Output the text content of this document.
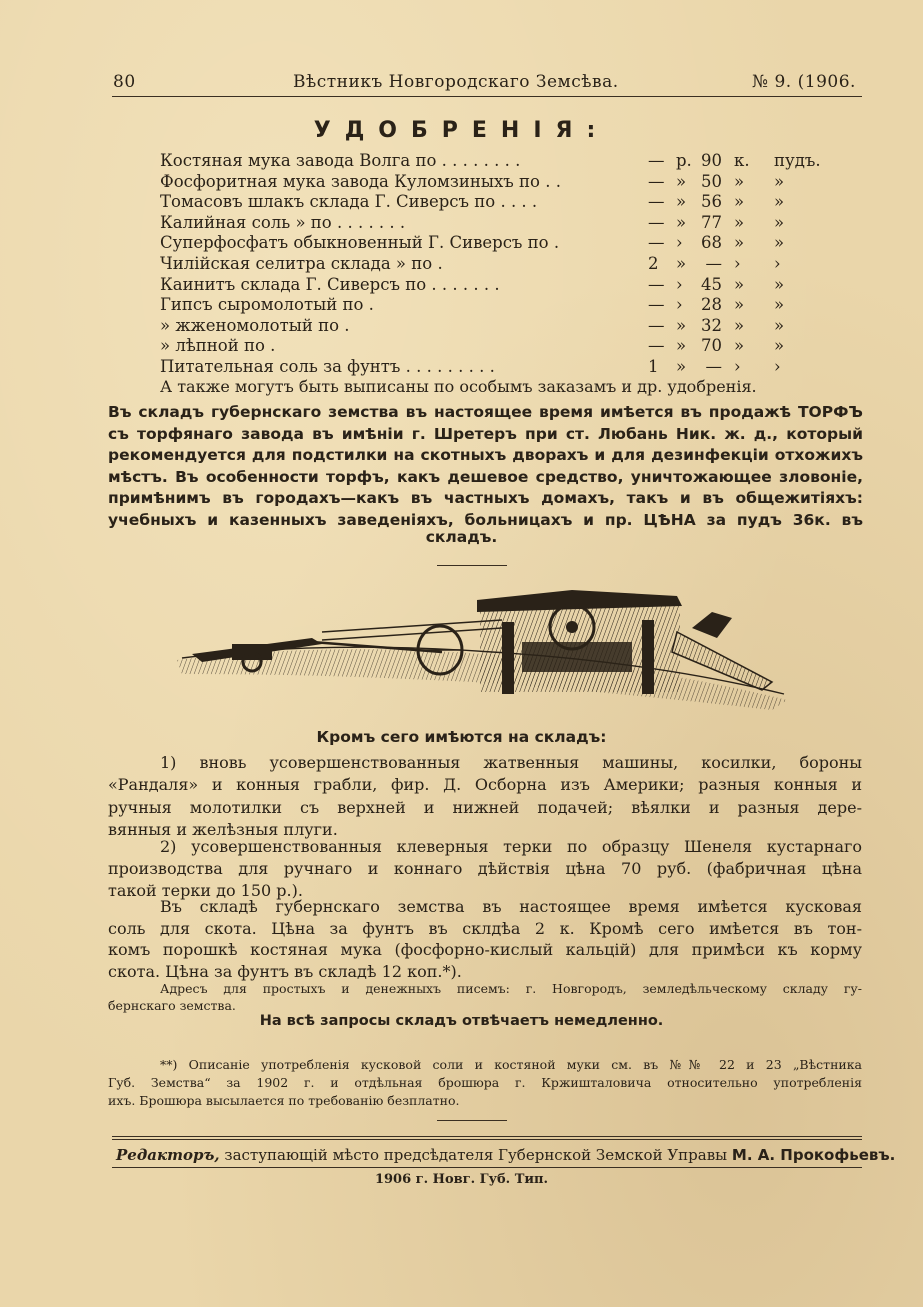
80	Вѣстникъ Новгородскаго Земсѣва.	№ 9. (1906.
УДОБРЕНІЯ:
Костяная мука завода Волга по . . . . . . . .	— р. 90 к. пудъ.
Фосфоритная мука завода Куломзиныхъ по . .	— » 50 » »
Томасовъ шлакъ склада Г. Сиверсъ по . . . .	— » 56 » »
Калийная соль » по . . . . . . .	— » 77 » »
Суперфосфатъ обыкновенный Г. Сиверсъ по .	— › 68 » »
Чилійская селитра склада » по .	2 »	— › ›
Каинитъ склада Г. Сиверсъ по . . . . . . .	— › 45 » »
Гипсъ сыромолотый по .	— › 28 » »
» жженомолотый по .	— » 32 » »
» лѣпной по .	— » 70 » »
Питательная соль за фунтъ . . . . . . . . .	1 »	— › ›
А также могутъ быть выписаны по особымъ заказамъ и др. удобренія.
Въ складъ губернскаго земства въ настоящее время имѣется въ продажѣ ТОРФЪ
съ торфянаго завода въ имѣніи г. Шретеръ при ст. Любань Ник. ж. д., который
рекомендуется для подстилки на скотныхъ дворахъ и для дезинфекціи отхожихъ
мѣстъ. Въ особенности торфъ, какъ дешевое средство, уничтожающее зловоніе,
примѣнимъ въ городахъ—какъ въ частныхъ домахъ, такъ и въ общежитіяхъ:
учебныхъ и казенныхъ заведеніяхъ, больницахъ и пр. ЦѢНА за пудъ 36к. въ
складъ.
Кромъ сего имѣются на складъ:
1) вновь усовершенствованныя жатвенныя машины, косилки, бороны
«Рандаля» и конныя грабли, фир. Д. Осборна изъ Америки; разныя конныя и
ручныя молотилки съ верхней и нижней подачей; вѣялки и разныя дере-
вянныя и желѣзныя плуги.
2) усовершенствованныя клеверныя терки по образцу Шенеля кустарнаго
производства для ручнаго и коннаго дѣйствія цѣна 70 руб. (фабричная цѣна
такой терки до 150 р.).
Въ складѣ губернскаго земства въ настоящее время имѣется кусковая
соль для скота. Цѣна за фунтъ въ склдѣа 2 к. Кромѣ сего имѣется въ тон-
комъ порошкѣ костяная мука (фосфорно-кислый кальцій) для примѣси къ корму
скота. Цѣна за фунтъ въ складѣ 12 коп.*).
Адресъ для простыхъ и денежныхъ писемъ: г. Новгородъ, земледѣльческому складу гу-
бернскаго земства.
На всѣ запросы складъ отвѣчаетъ немедленно.
**) Описаніе употребленія кусковой соли и костяной муки см. въ №№ 22 и 23 „Вѣстника
Губ. Земства“ за 1902 г. и отдѣльная брошюра г. Кржишталовича относительно употребленія
ихъ. Брошюра высылается по требованію безплатно.
Редакторъ, заступающій мѣсто предсѣдателя Губернской Земской Управы М. А. Прокофьевъ.
1906 г. Новг. Губ. Тип.
